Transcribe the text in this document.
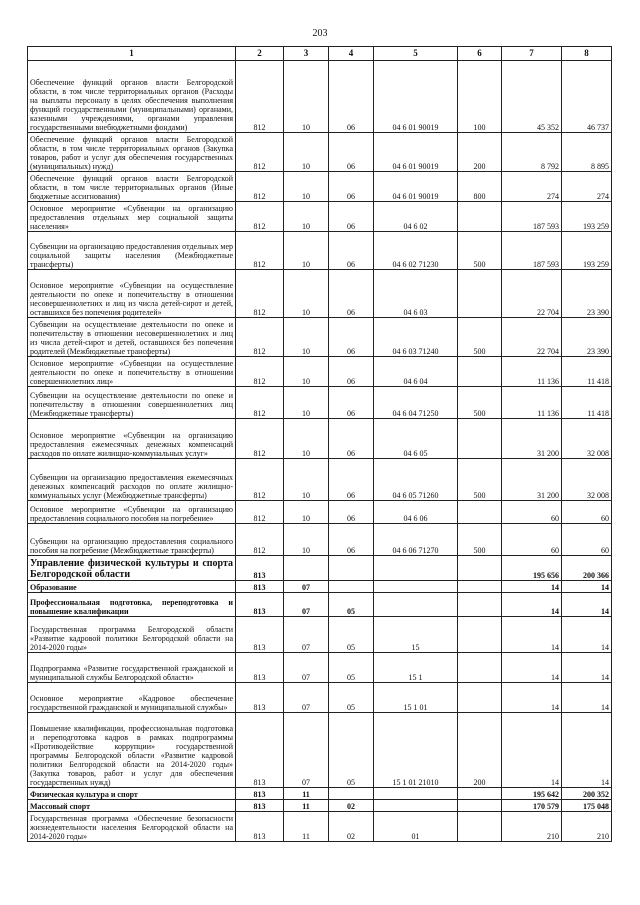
203
1	2	3	4	5	6	7	8
Обеспечение функций органов власти Белгородской области, в том числе территориальных органов (Расходы на выплаты персоналу в целях обеспечения выполнения функций государственными (муниципальными) органами, казенными учреждениями, органами управления государственными внебюджетными фондами)	812	10	06	04 6 01 90019	100	45 352	46 737
Обеспечение функций органов власти Белгородской области, в том числе территориальных органов (Закупка товаров, работ и услуг для обеспечения государственных (муниципальных) нужд)	812	10	06	04 6 01 90019	200	8 792	8 895
Обеспечение функций органов власти Белгородской области, в том числе территориальных органов (Иные бюджетные ассигнования)	812	10	06	04 6 01 90019	800	274	274
Основное мероприятие «Субвенции на организацию предоставления отдельных мер социальной защиты населения»	812	10	06	04 6 02		187 593	193 259
Субвенции на организацию предоставления отдельных мер социальной защиты населения (Межбюджетные трансферты)	812	10	06	04 6 02 71230	500	187 593	193 259
Основное мероприятие «Субвенции на осуществление деятельности по опеке и попечительству в отношении несовершеннолетних и лиц из числа детей-сирот и детей, оставшихся без попечения родителей»	812	10	06	04 6 03		22 704	23 390
Субвенции на осуществление деятельности по опеке и попечительству в отношении несовершеннолетних и лиц из числа детей-сирот и детей, оставшихся без попечения родителей (Межбюджетные трансферты)	812	10	06	04 6 03 71240	500	22 704	23 390
Основное мероприятие «Субвенции на осуществление деятельности по опеке и попечительству в отношении совершеннолетних лиц»	812	10	06	04 6 04		11 136	11 418
Субвенции на осуществление деятельности по опеке и попечительству в отношении совершеннолетних лиц (Межбюджетные трансферты)	812	10	06	04 6 04 71250	500	11 136	11 418
Основное мероприятие «Субвенции на организацию предоставления ежемесячных денежных компенсаций расходов по оплате жилищно-коммунальных услуг»	812	10	06	04 6 05		31 200	32 008
Субвенции на организацию предоставления ежемесячных денежных компенсаций расходов по оплате жилищно-коммунальных услуг (Межбюджетные трансферты)	812	10	06	04 6 05 71260	500	31 200	32 008
Основное мероприятие «Субвенции на организацию предоставления социального пособия на погребение»	812	10	06	04 6 06		60	60
Субвенции на организацию предоставления социального пособия на погребение (Межбюджетные трансферты)	812	10	06	04 6 06 71270	500	60	60
Управление физической культуры и спорта Белгородской области	813					195 656	200 366
Образование	813	07				14	14
Профессиональная подготовка, переподготовка и повышение квалификации	813	07	05			14	14
Государственная программа Белгородской области «Развитие кадровой политики Белгородской области на 2014-2020 годы»	813	07	05	15		14	14
Подпрограмма «Развитие государственной гражданской и муниципальной службы Белгородской области»	813	07	05	15 1		14	14
Основное мероприятие «Кадровое обеспечение государственной гражданской и муниципальной службы»	813	07	05	15 1 01		14	14
Повышение квалификации, профессиональная подготовка и переподготовка кадров в рамках подпрограммы «Противодействие коррупции» государственной программы Белгородской области «Развитие кадровой политики Белгородской области на 2014-2020 годы» (Закупка товаров, работ и услуг для обеспечения государственных нужд)	813	07	05	15 1 01 21010	200	14	14
Физическая культура и спорт	813	11				195 642	200 352
Массовый спорт	813	11	02			170 579	175 048
Государственная программа «Обеспечение безопасности жизнедеятельности населения Белгородской области на 2014-2020 годы»	813	11	02	01		210	210
